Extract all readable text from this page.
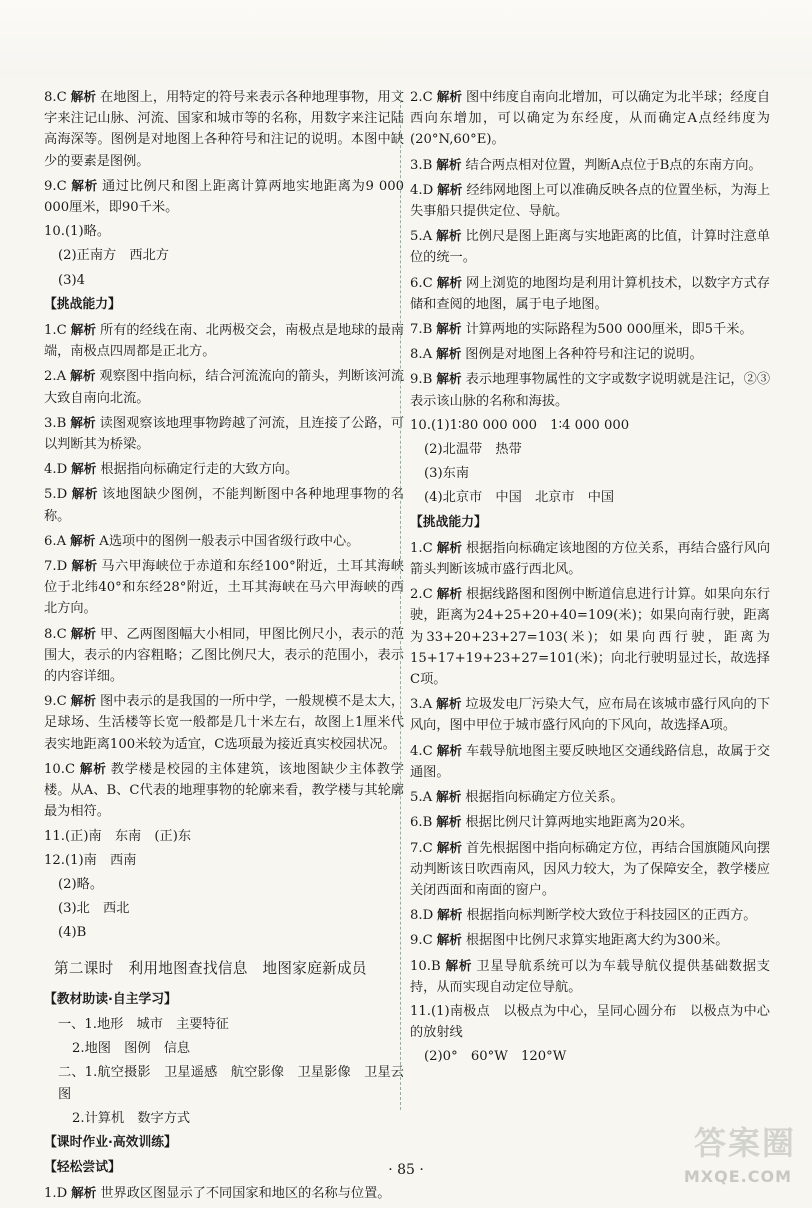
8.C 解析 在地图上，用特定的符号来表示各种地理事物，用文字来注记山脉、河流、国家和城市等的名称，用数字来注记陆高海深等。图例是对地图上各种符号和注记的说明。本图中缺少的要素是图例。
9.C 解析 通过比例尺和图上距离计算两地实地距离为9 000 000厘米，即90千米。
10.(1)略。
(2)正南方　西北方
(3)4
【挑战能力】
1.C 解析 所有的经线在南、北两极交会，南极点是地球的最南端，南极点四周都是正北方。
2.A 解析 观察图中指向标，结合河流流向的箭头，判断该河流大致自南向北流。
3.B 解析 读图观察该地理事物跨越了河流，且连接了公路，可以判断其为桥梁。
4.D 解析 根据指向标确定行走的大致方向。
5.D 解析 该地图缺少图例，不能判断图中各种地理事物的名称。
6.A 解析 A选项中的图例一般表示中国省级行政中心。
7.D 解析 马六甲海峡位于赤道和东经100°附近，土耳其海峡位于北纬40°和东经28°附近，土耳其海峡在马六甲海峡的西北方向。
8.C 解析 甲、乙两图图幅大小相同，甲图比例尺小，表示的范围大，表示的内容粗略；乙图比例尺大，表示的范围小，表示的内容详细。
9.C 解析 图中表示的是我国的一所中学，一般规模不是太大，足球场、生活楼等长宽一般都是几十米左右，故图上1厘米代表实地距离100米较为适宜，C选项最为接近真实校园状况。
10.C 解析 教学楼是校园的主体建筑，该地图缺少主体教学楼。从A、B、C代表的地理事物的轮廓来看，教学楼与其轮廓最为相符。
11.(正)南　东南　(正)东
12.(1)南　西南
(2)略。
(3)北　西北
(4)B
第二课时　利用地图查找信息　地图家庭新成员
【教材助读·自主学习】
一、1.地形　城市　主要特征
2.地图　图例　信息
二、1.航空摄影　卫星遥感　航空影像　卫星影像　卫星云图
2.计算机　数字方式
【课时作业·高效训练】
【轻松尝试】
1.D 解析 世界政区图显示了不同国家和地区的名称与位置。
2.C 解析 图中纬度自南向北增加，可以确定为北半球；经度自西向东增加，可以确定为东经度，从而确定A点经纬度为(20°N,60°E)。
3.B 解析 结合两点相对位置，判断A点位于B点的东南方向。
4.D 解析 经纬网地图上可以准确反映各点的位置坐标，为海上失事船只提供定位、导航。
5.A 解析 比例尺是图上距离与实地距离的比值，计算时注意单位的统一。
6.C 解析 网上浏览的地图均是利用计算机技术，以数字方式存储和查阅的地图，属于电子地图。
7.B 解析 计算两地的实际路程为500 000厘米，即5千米。
8.A 解析 图例是对地图上各种符号和注记的说明。
9.B 解析 表示地理事物属性的文字或数字说明就是注记，②③表示该山脉的名称和海拔。
10.(1)1∶80 000 000　1∶4 000 000
(2)北温带　热带
(3)东南
(4)北京市　中国　北京市　中国
【挑战能力】
1.C 解析 根据指向标确定该地图的方位关系，再结合盛行风向箭头判断该城市盛行西北风。
2.C 解析 根据线路图和图例中断道信息进行计算。如果向东行驶，距离为24+25+20+40=109(米)；如果向南行驶，距离为33+20+23+27=103(米)；如果向西行驶，距离为15+17+19+23+27=101(米)；向北行驶明显过长，故选择C项。
3.A 解析 垃圾发电厂污染大气，应布局在该城市盛行风向的下风向，图中甲位于城市盛行风向的下风向，故选择A项。
4.C 解析 车载导航地图主要反映地区交通线路信息，故属于交通图。
5.A 解析 根据指向标确定方位关系。
6.B 解析 根据比例尺计算两地实地距离为20米。
7.C 解析 首先根据图中指向标确定方位，再结合国旗随风向摆动判断该日吹西南风，因风力较大，为了保障安全，教学楼应关闭西面和南面的窗户。
8.D 解析 根据指向标判断学校大致位于科技园区的正西方。
9.C 解析 根据图中比例尺求算实地距离大约为300米。
10.B 解析 卫星导航系统可以为车载导航仪提供基础数据支持，从而实现自动定位导航。
11.(1)南极点　以极点为中心，呈同心圆分布　以极点为中心的放射线
(2)0°　60°W　120°W
· 85 ·
答案圈
MXQE.COM
